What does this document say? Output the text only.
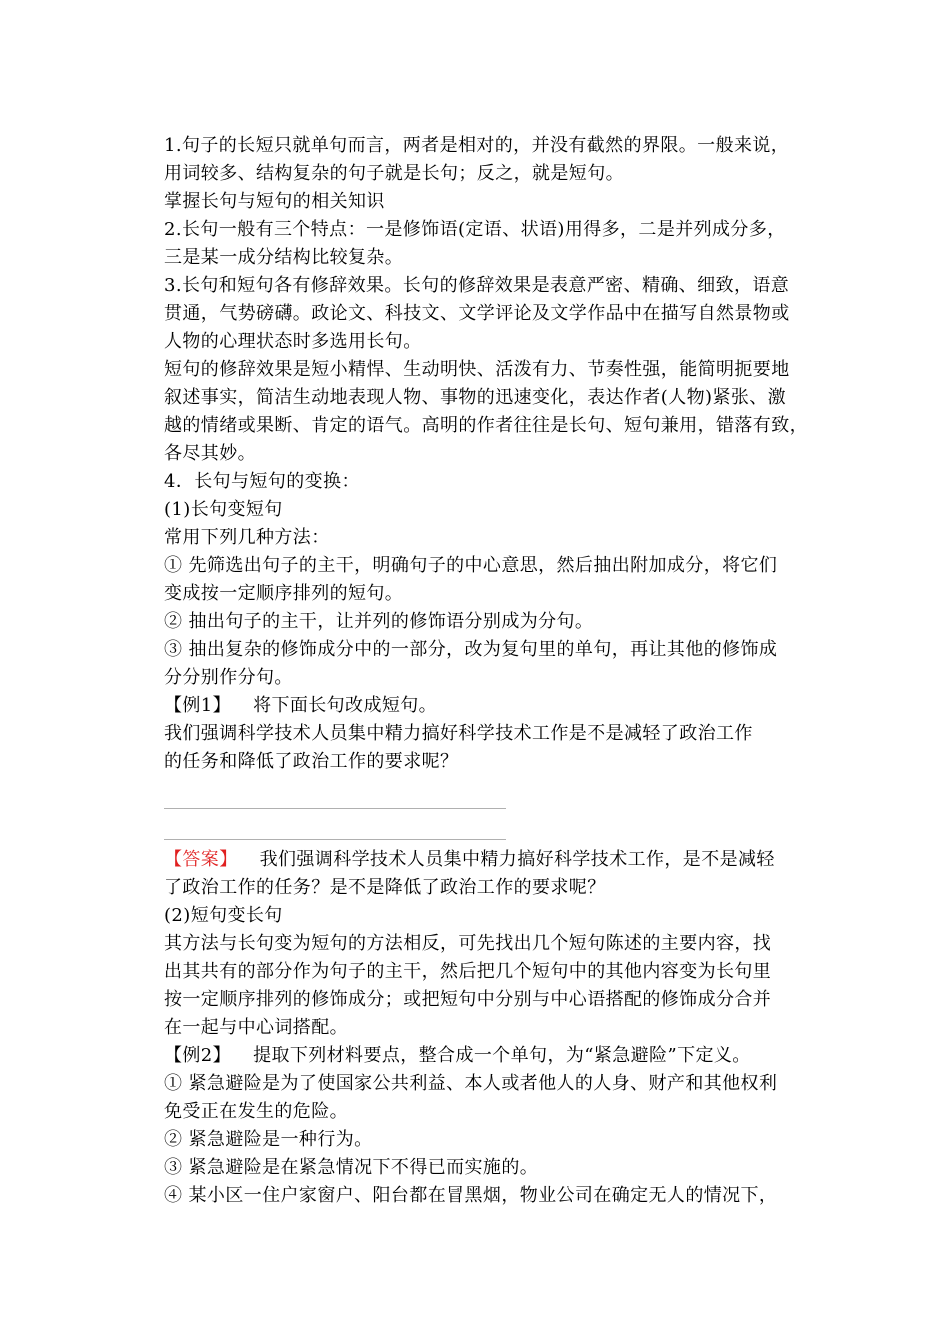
1.句子的长短只就单句而言，两者是相对的，并没有截然的界限。一般来说，
用词较多、结构复杂的句子就是长句；反之，就是短句。
掌握长句与短句的相关知识
2.长句一般有三个特点：一是修饰语(定语、状语)用得多，二是并列成分多，
三是某一成分结构比较复杂。
3.长句和短句各有修辞效果。长句的修辞效果是表意严密、精确、细致，语意
贯通，气势磅礴。政论文、科技文、文学评论及文学作品中在描写自然景物或
人物的心理状态时多选用长句。
短句的修辞效果是短小精悍、生动明快、活泼有力、节奏性强，能简明扼要地
叙述事实，简洁生动地表现人物、事物的迅速变化，表达作者(人物)紧张、激
越的情绪或果断、肯定的语气。高明的作者往往是长句、短句兼用，错落有致，
各尽其妙。
4．长句与短句的变换：
(1)长句变短句
常用下列几种方法：
① 先筛选出句子的主干，明确句子的中心意思，然后抽出附加成分，将它们
变成按一定顺序排列的短句。
② 抽出句子的主干，让并列的修饰语分别成为分句。
③ 抽出复杂的修饰成分中的一部分，改为复句里的单句，再让其他的修饰成
分分别作分句。
【例1】 将下面长句改成短句。
我们强调科学技术人员集中精力搞好科学技术工作是不是减轻了政治工作
的任务和降低了政治工作的要求呢？
【答案】 我们强调科学技术人员集中精力搞好科学技术工作，是不是减轻
了政治工作的任务？是不是降低了政治工作的要求呢？
(2)短句变长句
其方法与长句变为短句的方法相反，可先找出几个短句陈述的主要内容，找
出其共有的部分作为句子的主干，然后把几个短句中的其他内容变为长句里
按一定顺序排列的修饰成分；或把短句中分别与中心语搭配的修饰成分合并
在一起与中心词搭配。
【例2】 提取下列材料要点，整合成一个单句，为“紧急避险”下定义。
① 紧急避险是为了使国家公共利益、本人或者他人的人身、财产和其他权利
免受正在发生的危险。
② 紧急避险是一种行为。
③ 紧急避险是在紧急情况下不得已而实施的。
④ 某小区一住户家窗户、阳台都在冒黑烟，物业公司在确定无人的情况下，
